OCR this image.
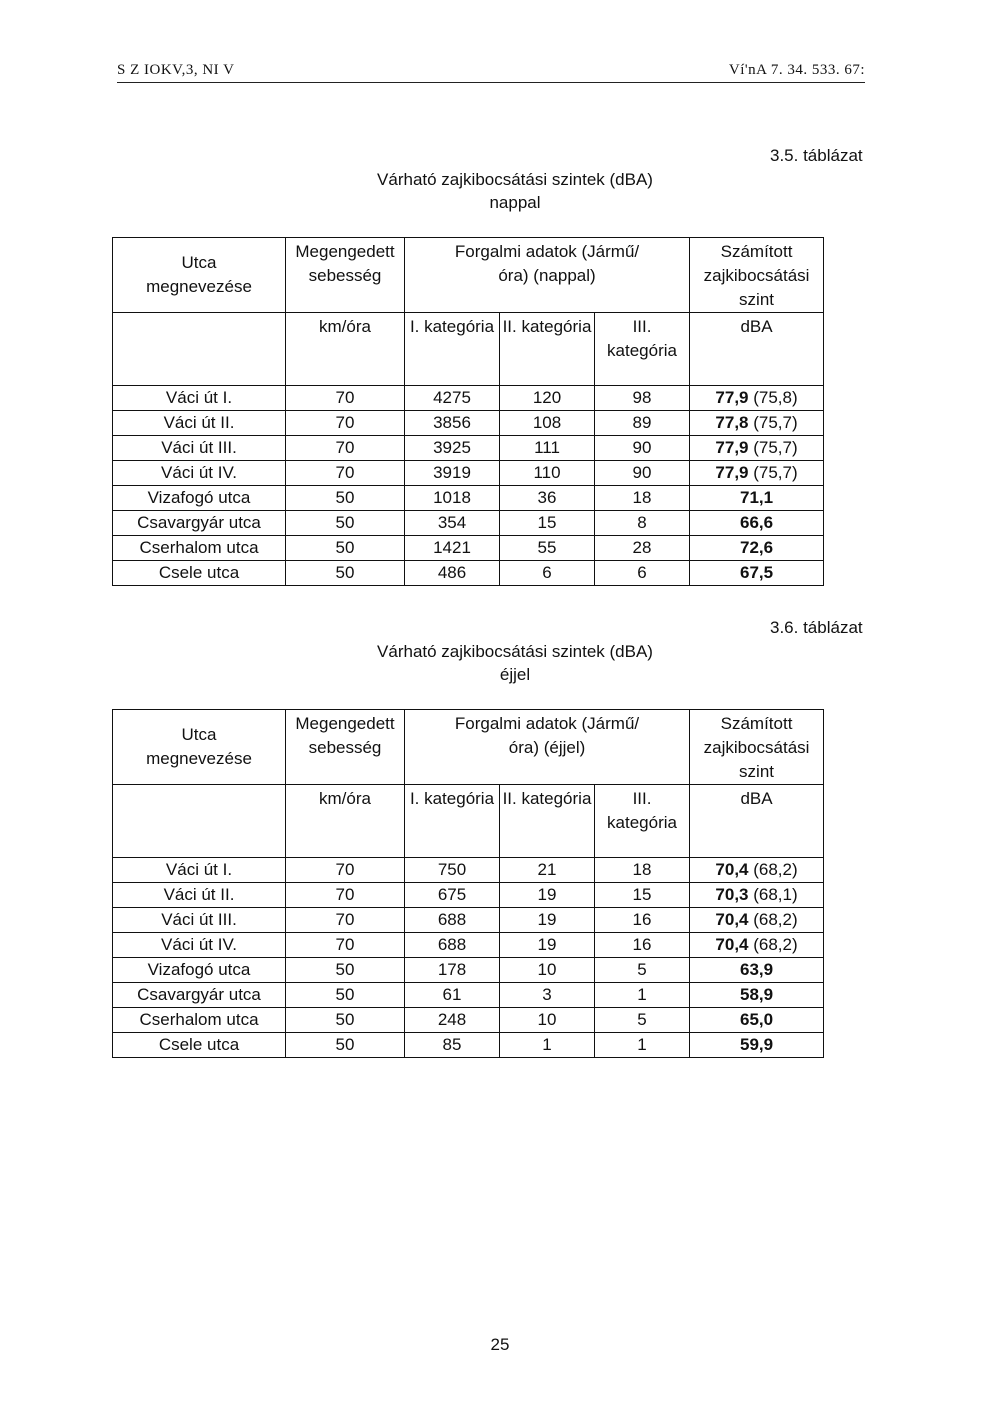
S Z IOKV,3, NI V	Ví'nA 7. 34. 533. 67:
3.5. táblázat
Várható zajkibocsátási szintek (dBA)
nappal
Utca megnevezése	Megengedett sebesség	Forgalmi adatok (Jármű/óra) (nappal)			Számított zajkibocsátási szint
	km/óra	I. kategória	II. kategória	III. kategória	dBA
Váci út I.	70	4275	120	98	77,9 (75,8)
Váci út II.	70	3856	108	89	77,8 (75,7)
Váci út III.	70	3925	111	90	77,9 (75,7)
Váci út IV.	70	3919	110	90	77,9 (75,7)
Vizafogó utca	50	1018	36	18	71,1
Csavargyár utca	50	354	15	8	66,6
Cserhalom utca	50	1421	55	28	72,6
Csele utca	50	486	6	6	67,5
3.6. táblázat
Várható zajkibocsátási szintek (dBA)
éjjel
Utca megnevezése	Megengedett sebesség	Forgalmi adatok (Jármű/óra) (éjjel)			Számított zajkibocsátási szint
	km/óra	I. kategória	II. kategória	III. kategória	dBA
Váci út I.	70	750	21	18	70,4 (68,2)
Váci út II.	70	675	19	15	70,3 (68,1)
Váci út III.	70	688	19	16	70,4 (68,2)
Váci út IV.	70	688	19	16	70,4 (68,2)
Vizafogó utca	50	178	10	5	63,9
Csavargyár utca	50	61	3	1	58,9
Cserhalom utca	50	248	10	5	65,0
Csele utca	50	85	1	1	59,9
25
